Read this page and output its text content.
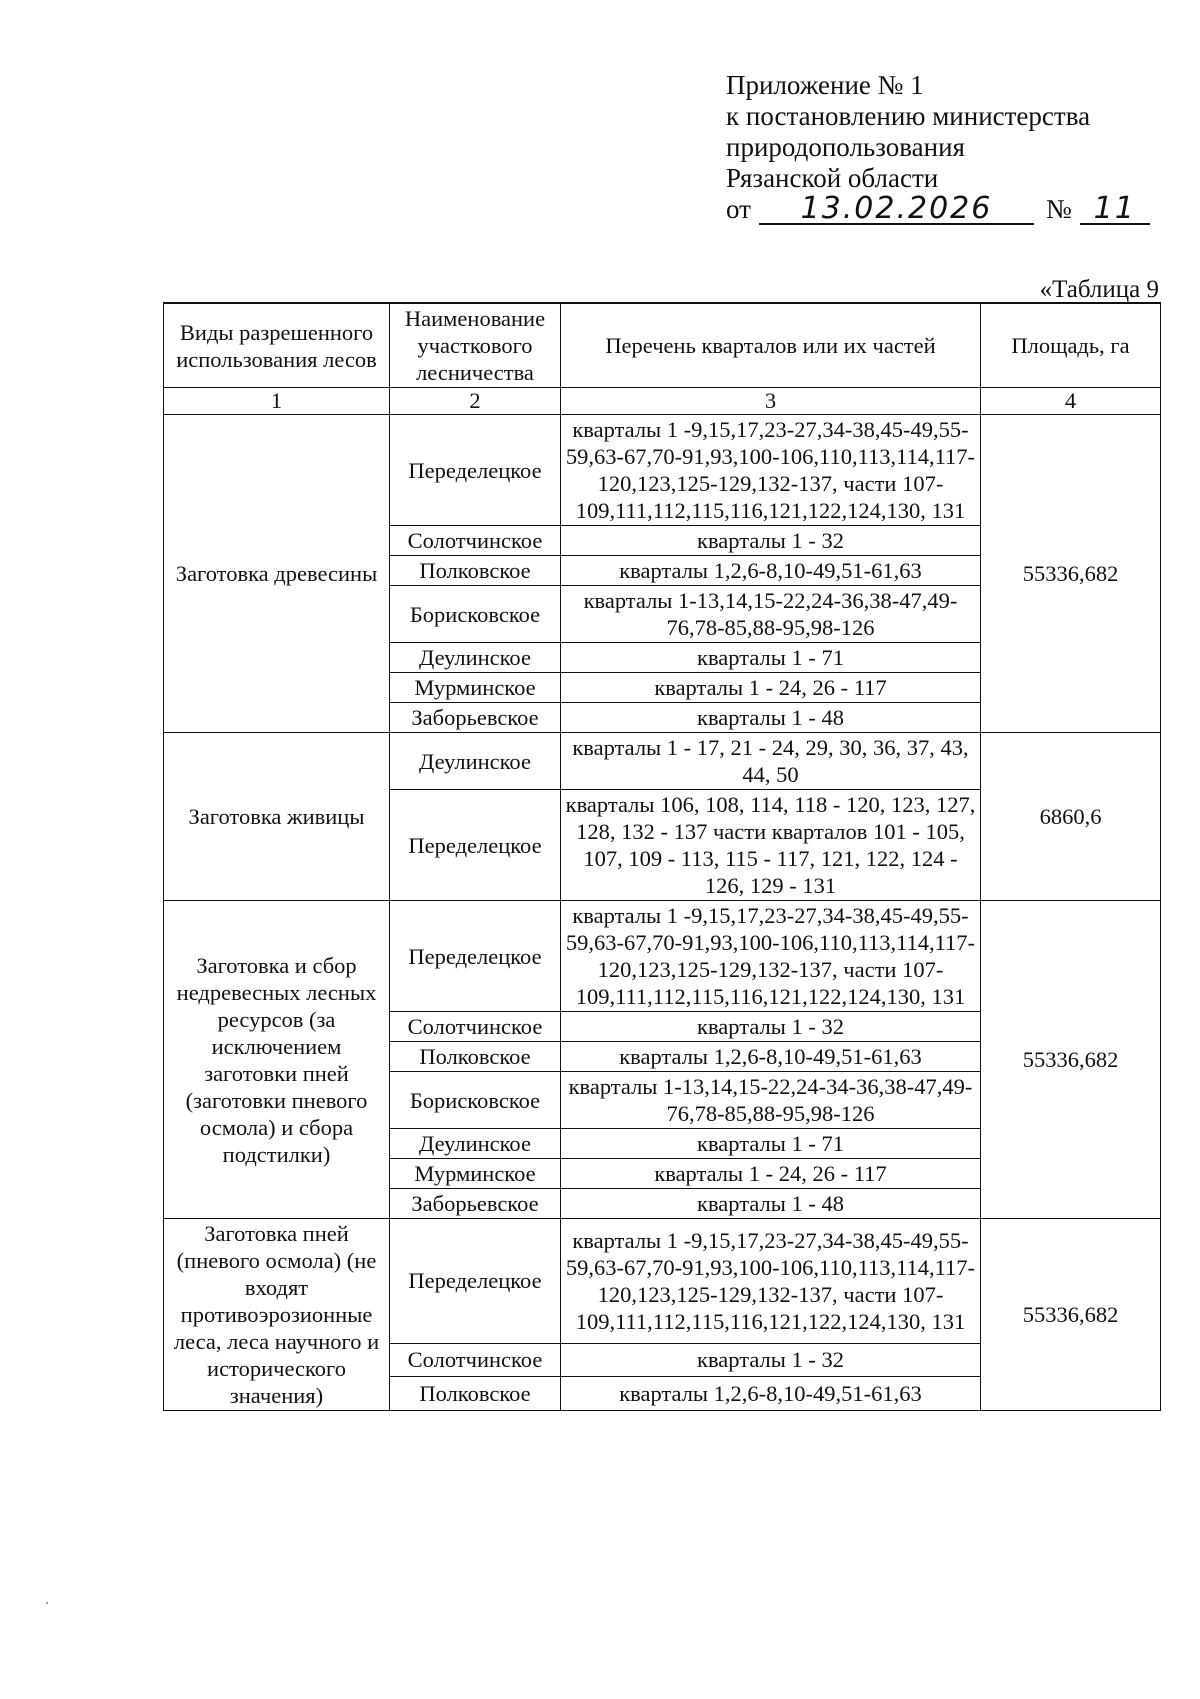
Приложение № 1
к постановлению министерства
природопользования
Рязанской области
от	13.02.2026	№ 11
«Таблица 9
Виды разрешенного использования лесов	Наименование участкового лесничества	Перечень кварталов или их частей	Площадь, га
1	2	3	4
Заготовка древесины	Переделецкое	кварталы 1 -9,15,17,23-27,34-38,45-49,55-59,63-67,70-91,93,100-106,110,113,114,117-120,123,125-129,132-137, части 107-109,111,112,115,116,121,122,124,130, 131	55336,682
	Солотчинское	кварталы 1 - 32	
	Полковское	кварталы 1,2,6-8,10-49,51-61,63	
	Борисковское	кварталы 1-13,14,15-22,24-36,38-47,49-76,78-85,88-95,98-126	
	Деулинское	кварталы 1 - 71	
	Мурминское	кварталы 1 - 24, 26 - 117	
	Заборьевское	кварталы 1 - 48	
Заготовка живицы	Деулинское	кварталы 1 - 17, 21 - 24, 29, 30, 36, 37, 43, 44, 50	6860,6
	Переделецкое	кварталы 106, 108, 114, 118 - 120, 123, 127, 128, 132 - 137 части кварталов 101 - 105, 107, 109 - 113, 115 - 117, 121, 122, 124 - 126, 129 - 131	
Заготовка и сбор недревесных лесных ресурсов (за исключением заготовки пней (заготовки пневого осмола) и сбора подстилки)	Переделецкое	кварталы 1 -9,15,17,23-27,34-38,45-49,55-59,63-67,70-91,93,100-106,110,113,114,117-120,123,125-129,132-137, части 107-109,111,112,115,116,121,122,124,130, 131	55336,682
	Солотчинское	кварталы 1 - 32	
	Полковское	кварталы 1,2,6-8,10-49,51-61,63	
	Борисковское	кварталы 1-13,14,15-22,24-34-36,38-47,49-76,78-85,88-95,98-126	
	Деулинское	кварталы 1 - 71	
	Мурминское	кварталы 1 - 24, 26 - 117	
	Заборьевское	кварталы 1 - 48	
Заготовка пней (пневого осмола) (не входят противоэрозионные леса, леса научного и исторического значения)	Переделецкое	кварталы 1 -9,15,17,23-27,34-38,45-49,55-59,63-67,70-91,93,100-106,110,113,114,117-120,123,125-129,132-137, части 107-109,111,112,115,116,121,122,124,130, 131	55336,682
	Солотчинское	кварталы 1 - 32	
	Полковское	кварталы 1,2,6-8,10-49,51-61,63	
